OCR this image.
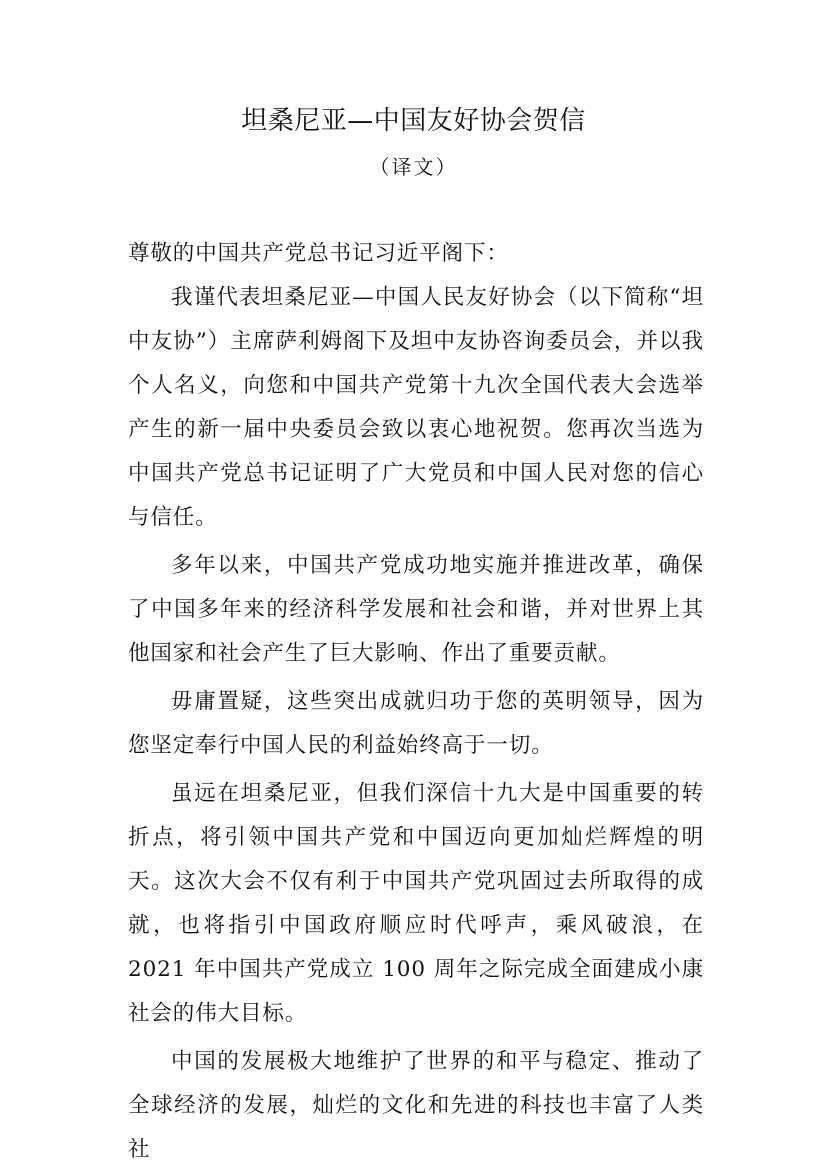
坦桑尼亚—中国友好协会贺信
（译文）

尊敬的中国共产党总书记习近平阁下：

我谨代表坦桑尼亚—中国人民友好协会（以下简称“坦中友协”）主席萨利姆阁下及坦中友协咨询委员会，并以我个人名义，向您和中国共产党第十九次全国代表大会选举产生的新一届中央委员会致以衷心地祝贺。您再次当选为中国共产党总书记证明了广大党员和中国人民对您的信心与信任。

多年以来，中国共产党成功地实施并推进改革，确保了中国多年来的经济科学发展和社会和谐，并对世界上其他国家和社会产生了巨大影响、作出了重要贡献。

毋庸置疑，这些突出成就归功于您的英明领导，因为您坚定奉行中国人民的利益始终高于一切。

虽远在坦桑尼亚，但我们深信十九大是中国重要的转折点，将引领中国共产党和中国迈向更加灿烂辉煌的明天。这次大会不仅有利于中国共产党巩固过去所取得的成就，也将指引中国政府顺应时代呼声，乘风破浪，在 2021 年中国共产党成立 100 周年之际完成全面建成小康社会的伟大目标。

中国的发展极大地维护了世界的和平与稳定、推动了全球经济的发展，灿烂的文化和先进的科技也丰富了人类社
